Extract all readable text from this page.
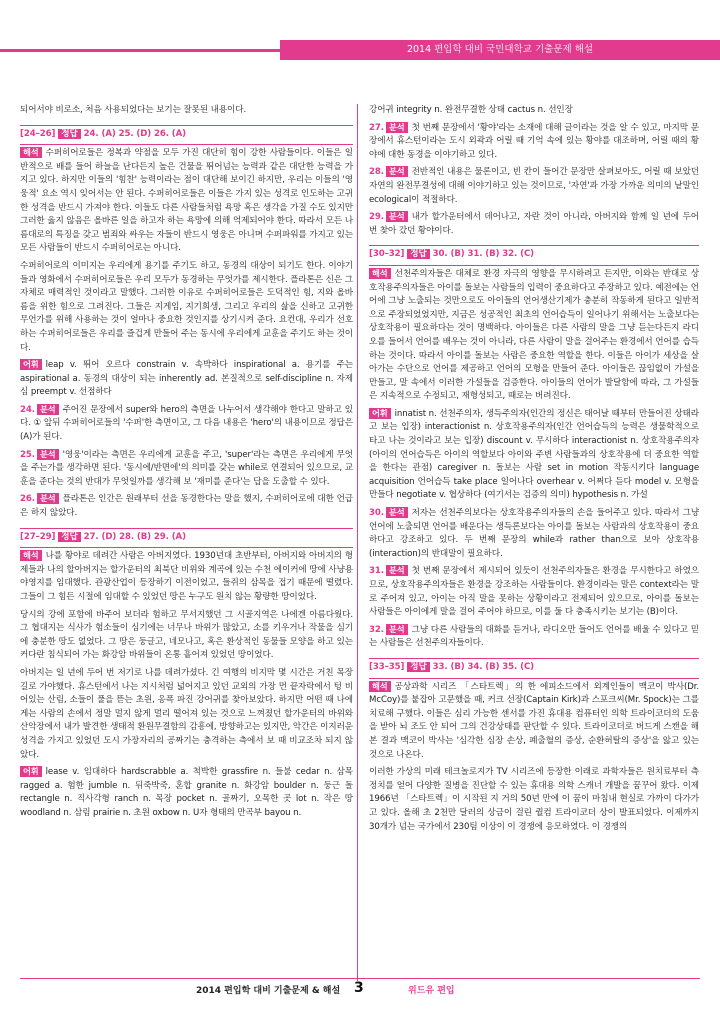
2014 편입학 대비 국민대학교 기출문제 해설

되어서야 비로소, 처음 사용되었다는 보기는 잘못된 내용이다.

[24–26] 정답 24. (A) 25. (D) 26. (A)

해석 수퍼히어로들은 정복과 약점을 모두 가진 대단히 힘이 강한 사람들이다. 이들은 일반적으로 배를 들어 하늘을 난다든지 높은 건물을 뛰어넘는 능력과 같은 대단한 능력을 가지고 있다. 하지만 이들의 '힘찬' 능력이라는 점이 대단해 보이긴 하지만, 우리는 이들의 '영웅적' 요소 역시 잊어서는 안 된다. 수퍼히어로들은 이들은 가지 있는 성격로 인도하는 고귀한 성격을 반드시 가져야 한다. 이들도 다른 사람들처럼 욕망 혹은 생각을 가질 수도 있지만 그러한 옳지 않음은 올바른 일을 하고자 하는 욕망에 의해 억제되어야 한다. 따라서 모든 나름대로의 특징을 갖고 범죄와 싸우는 자들이 반드시 영웅은 아니며 수퍼파워를 가지고 있는 모든 사람들이 반드시 수퍼히어로는 아니다.

수퍼히어로의 이미지는 우리에게 용기를 주기도 하고, 동경의 대상이 되기도 한다. 이야기들과 영화에서 수퍼히어로들은 우리 모두가 동경하는 무엇가를 제시한다. 플라톤은 신은 그 자체로 매력적인 것이라고 말했다. 그러한 이유로 수퍼히어로들은 도덕적인 힘, 지와 올바름을 위한 힘으로 그려진다. 그들은 지게임, 지기희생, 그리고 우리의 삶을 신하고 고귀한 무언가를 위해 사용하는 것이 얼마나 중요한 것인지를 상기시켜 준다. 요컨대, 우리가 선호하는 수퍼히어로들은 우리를 즐겁게 만들어 주는 동시에 우리에게 교훈을 주기도 하는 것이다.

어휘 leap v. 뛰어 오르다 constrain v. 속박하다 inspirational a. 용기를 주는 aspirational a. 동경의 대상이 되는 inherently ad. 본질적으로 self-discipline n. 자제심 preempt v. 선점하다

24. 분석 주어진 문장에서 super와 hero의 측면을 나누어서 생각해야 한다고 말하고 있다. ① 앞뒤 수퍼히어로들의 '수퍼'한 측면이고, 그 다음 내용은 'hero'의 내용이므로 정답은 (A)가 된다.

25. 분석 '영웅'이라는 측면은 우리에게 교훈을 주고, 'super'라는 측면은 우리에게 무엇을 주는가를 생각하면 된다. '동시에/반면에'의 의미를 갖는 while로 연결되어 있으므로, 교훈을 준다는 것의 반대가 무엇일까를 생각해 보 '재미를 준다'는 답을 도출할 수 있다.

26. 분석 플라톤은 인간은 원래부터 선을 동경한다는 말을 했지, 수퍼히어로에 대한 언급은 하지 않았다.

[27–29] 정답 27. (D) 28. (B) 29. (A)

해석 나를 황야로 데려간 사람은 아버지였다. 1930년대 초반부터, 아버지와 아버지의 형제들과 나의 할아버지는 할가운터의 최북단 비위와 계곡에 있는 수천 에이커에 땅에 사냥용 야영지를 임대했다. 관광산업이 등장하기 이전이었고, 들쥐의 삼목을 접기 때문에 떨렸다. 그들이 그 힘든 시절에 임대할 수 있었던 땅은 누구도 원치 않는 황량한 땅이었다.

당시의 강에 포함에 바주어 보더라 험하고 무서지했던 그 시골지역은 나에겐 아름다웠다. 그 협대지는 식사가 험소들이 심기에는 너무나 바위가 많았고, 소를 키우거나 작물을 심기에 충분한 땅도 없었다. 그 땅은 둥글고, 네모나고, 혹은 환상적인 동물들 모양을 하고 있는 커다란 침식되어 가는 화강암 바위들이 온통 흩어져 있었던 땅이었다.

아버지는 일 년에 두어 번 저기로 나를 데려가셨다. 긴 여행의 비지막 몇 시간은 거친 목장 길로 가야했다. 휴스턴에서 나는 지시처럼 넓어지고 있던 교외의 가장 먼 끝자락에서 텅 비어있는 산림, 소들이 풀을 뜯는 초원, 옹폭 파진 강어귀를 찾아보았다. 하지만 어떤 때 나에게는 사람의 손에서 정말 멀지 않게 멀리 떨어져 있는 것으로 느껴졌던 할가운터의 바위와 산악장에서 내가 발견한 생태적 환원무결함의 감흥에, 방향하고는 있지만, 악간은 이지러운 성격을 가지고 있었던 도시 가장자리의 공짜기는 충격하는 측에서 보 때 비교조차 되지 않았다.

어휘 lease v. 임대하다 hardscrabble a. 척박한 grassfire n. 들불 cedar n. 삼목 ragged a. 험한 jumble n. 뒤죽박죽, 혼합 granite n. 화강암 boulder n. 둥근 돌 rectangle n. 직사각형 ranch n. 목장 pocket n. 골짜기, 오목한 곳 lot n. 작은 땅 woodland n. 삼림 prairie n. 초원 oxbow n. U자 형태의 만곡부 bayou n.

강어귀 integrity n. 완전무결한 상태 cactus n. 선인장

27. 분석 첫 번째 문장에서 '황야'라는 소재에 대해 글이라는 것을 알 수 있고, 마지막 문장에서 휴스턴이라는 도시 외곽과 어릴 때 기억 속에 있는 황야를 대조하며, 어릴 때의 황야에 대한 동경을 이야기하고 있다.

28. 분석 전반적인 내용은 물론이고, 빈 칸이 들어간 문장만 살펴보아도, 어릴 때 보았던 자연의 완전무결성에 대해 이야기하고 있는 것이므로, '자연'과 가장 가까운 의미의 낱말인 ecological이 적절하다.

29. 분석 내가 할가운터에서 데어나고, 자란 것이 아니라, 아버지와 함께 일 년에 두어 번 찾아 갔던 황야이다.

[30–32] 정답 30. (B) 31. (B) 32. (C)

해석 선천주의자들은 대체로 환경 자극의 영향을 무시하려고 든지만, 이와는 반대로 상호작용주의자들은 아이를 돌보는 사람들의 입력이 중요하다고 주장하고 있다. 예전에는 언어에 그냥 노출되는 것만으로도 아이들의 언어생산기제가 충분히 작동하게 된다고 일반적으로 주장되었었지만, 지금은 성공적인 최초의 언어습득이 일어나기 위해서는 노출보다는 상호작용이 필요하다는 것이 명백하다. 아이들은 다른 사람의 말을 그냥 듣는다든지 라디오를 들어서 언어를 배우는 것이 아니라, 다른 사람이 말을 걸어주는 환경에서 언어를 습득하는 것이다. 따라서 아이를 돌보는 사람은 중요한 역할을 한다. 이들은 아이가 세상을 살아가는 수단으로 언어를 제공하고 언어의 모형을 만들어 준다. 아이들은 끊임없이 가설을 만들고, 말 속에서 이러한 가설들을 검증한다. 아이들의 언어가 발달함에 따라, 그 가설들은 지속적으로 수정되고, 재형성되고, 때로는 버려진다.

어휘 innatist n. 선천주의자, 생득주의자(인간의 정신은 태어날 때부터 만들어진 상태라고 보는 입장) interactionist n. 상호작용주의자(인간 언어습득의 능력은 생물학적으로 타고 나는 것이라고 보는 입장) discount v. 무시하다 interactionist n. 상호작용주의자(아이의 언어습득은 아이의 역할보다 아이와 주변 사람들과의 상호작용에 더 중요한 역할을 한다는 관점) caregiver n. 돌보는 사람 set in motion 작동시키다 language acquisition 언어습득 take place 일어나다 overhear v. 어쩌다 듣다 model v. 모형을 만들다 negotiate v. 협상하다 (여기서는 검증의 의미) hypothesis n. 가설

30. 분석 저자는 선천주의보다는 상호작용주의자들의 손을 들어주고 있다. 따라서 그냥 언어에 노출되면 언어를 배운다는 생득론보다는 아이를 돌보는 사람과의 상호작용이 중요하다고 강조하고 있다. 두 번째 문장의 while과 rather than으로 보아 상호작용(interaction)의 반대말이 필요하다.

31. 분석 첫 번째 문장에서 제시되어 있듯이 선천주의자들은 환경을 무시한다고 하였으므로, 상호작용주의자들은 환경을 강조하는 사람들이다. 환경이라는 말은 context라는 말로 주어져 있고, 아이는 아직 말을 못하는 상황이라고 전제되어 있으므로, 아이를 돌보는 사람들은 아이에게 말을 걸어 주어야 하므로, 이를 둘 다 충족시키는 보기는 (B)이다.

32. 분석 그냥 다른 사람들의 대화를 듣거나, 라디오만 들어도 언어를 배울 수 있다고 믿는 사람들은 선천주의자들이다.

[33–35] 정답 33. (B) 34. (B) 35. (C)

해석 공상과학 시리즈 「스타트렉」의 한 에피소드에서 외계인들이 맥코이 박사(Dr. McCoy)를 붙잡아 고문했을 때, 커크 선장(Captain Kirk)과 스포크씨(Mr. Spock)는 그를 치료해 구했다. 이들은 심리 가능한 센서를 가진 휴대용 컴퓨터인 의학 트라이코더의 도움을 받아 뇌 조도 안 되어 그의 건강상태를 판단할 수 있다. 트라이코더로 버드게 스캔을 해 본 결과 맥코이 박사는 '심각한 심장 손상, 폐출혈의 증상, 순환허탈의 증상'을 앓고 있는 것으로 나온다.

이러한 가상의 미래 테크놀로지가 TV 시리즈에 등장한 이래로 과학자들은 원치료부터 측정치를 얻어 다양한 질병을 진단할 수 있는 휴대용 의학 스캐너 개발을 꿈꾸어 왔다. 이제 1966년 「스타트렉」이 시작된 지 거의 50년 만에 이 꿈이 마침내 현실로 가까이 다가가고 있다. 올해 초 2천만 달러의 상금이 걸린 퀄컴 트라이코더 상이 발표되었다. 이제까지 30개가 넘는 국가에서 230팀 이상이 이 경쟁에 응모하였다. 이 경쟁의

2014 편입학 대비 기출문제 & 해설 3	위드유 편입
